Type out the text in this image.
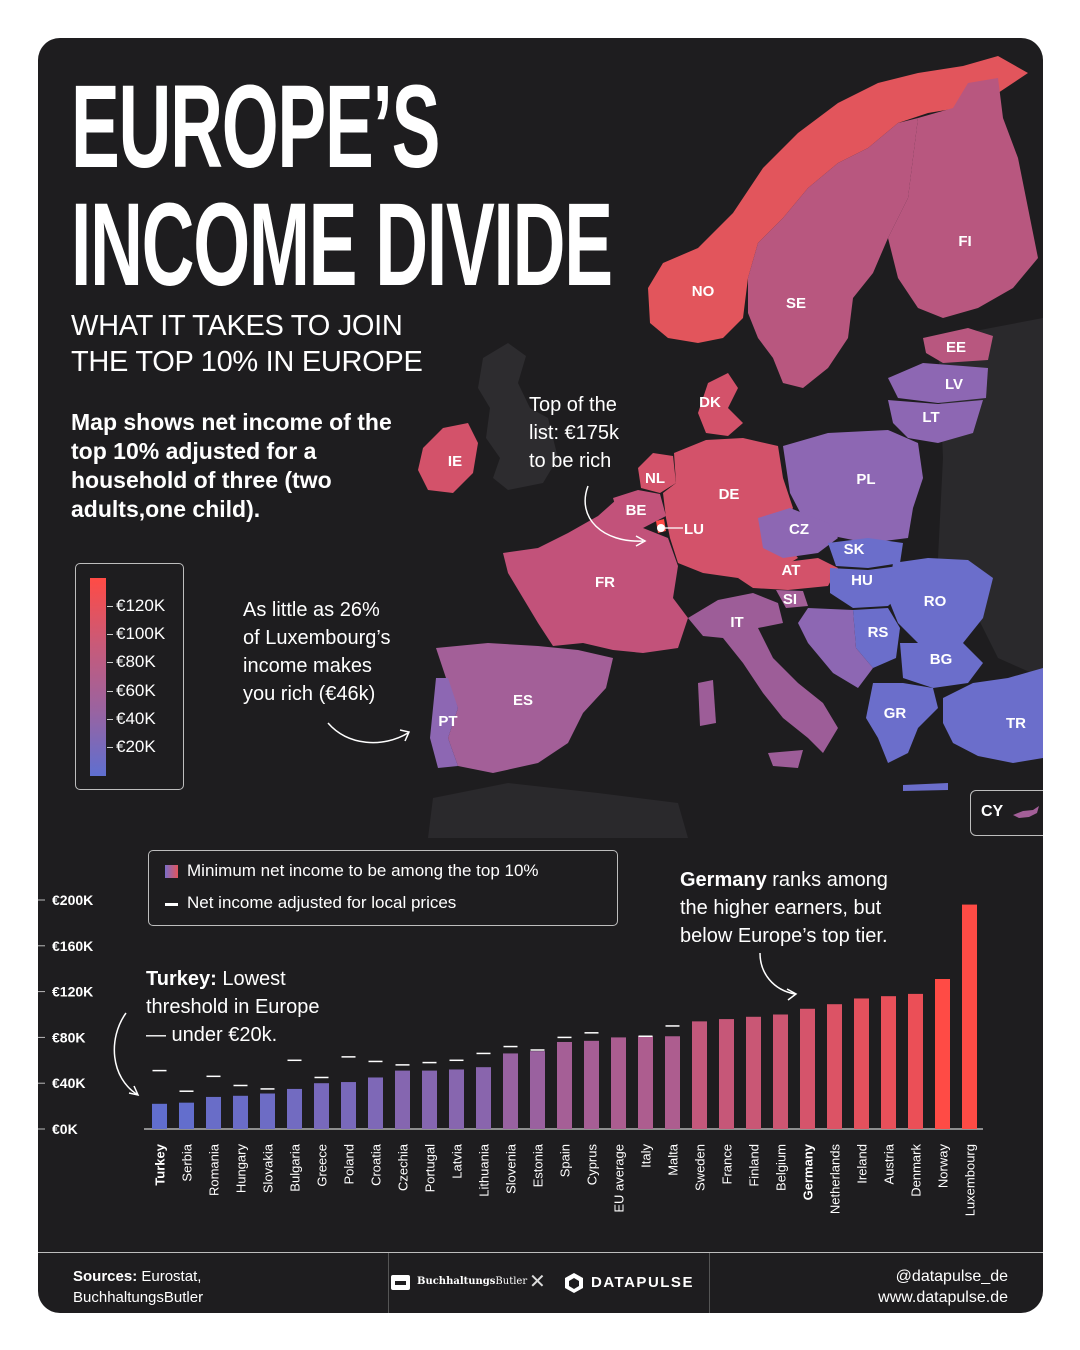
NO
SE
FI
EE
LV
LT
DK
IE
NL
BE
LU
DE
PL
CZ
SK
FR
AT
HU
SI	RO
IT
RS
BG
ES
PT	GR
TR
EUROPE’S
INCOME DIVIDE
WHAT IT TAKES TO JOIN
THE TOP 10% IN EUROPE
Map shows net income of the top 10% adjusted for a household of three (two adults,one child).
€120K
€100K
€80K
€60K
€40K
€20K
Top of the
list: €175k
to be rich
As little as 26%
of Luxembourg’s
income makes
you rich (€46k)
CY
Minimum net income to be among the top 10%
Net income adjusted for local prices
Germany ranks among
the higher earners, but
below Europe’s top tier.
Turkey: Lowest
threshold in Europe
— under €20k.
€0K
€40K
€80K
€120K
€160K
€200K
Turkey Serbia Romania Hungary Slovakia Bulgaria Greece Poland Croatia Czechia Portugal Latvia Lithuania Slovenia Estonia Spain Cyprus EU average Italy Malta Sweden France Finland Belgium Germany Netherlands Ireland Austria Denmark Norway Luxembourg
Sources: Eurostat,
BuchhaltungsButler
BuchhaltungsButler ✕	DATAPULSE	@datapulse_de
www.datapulse.de
